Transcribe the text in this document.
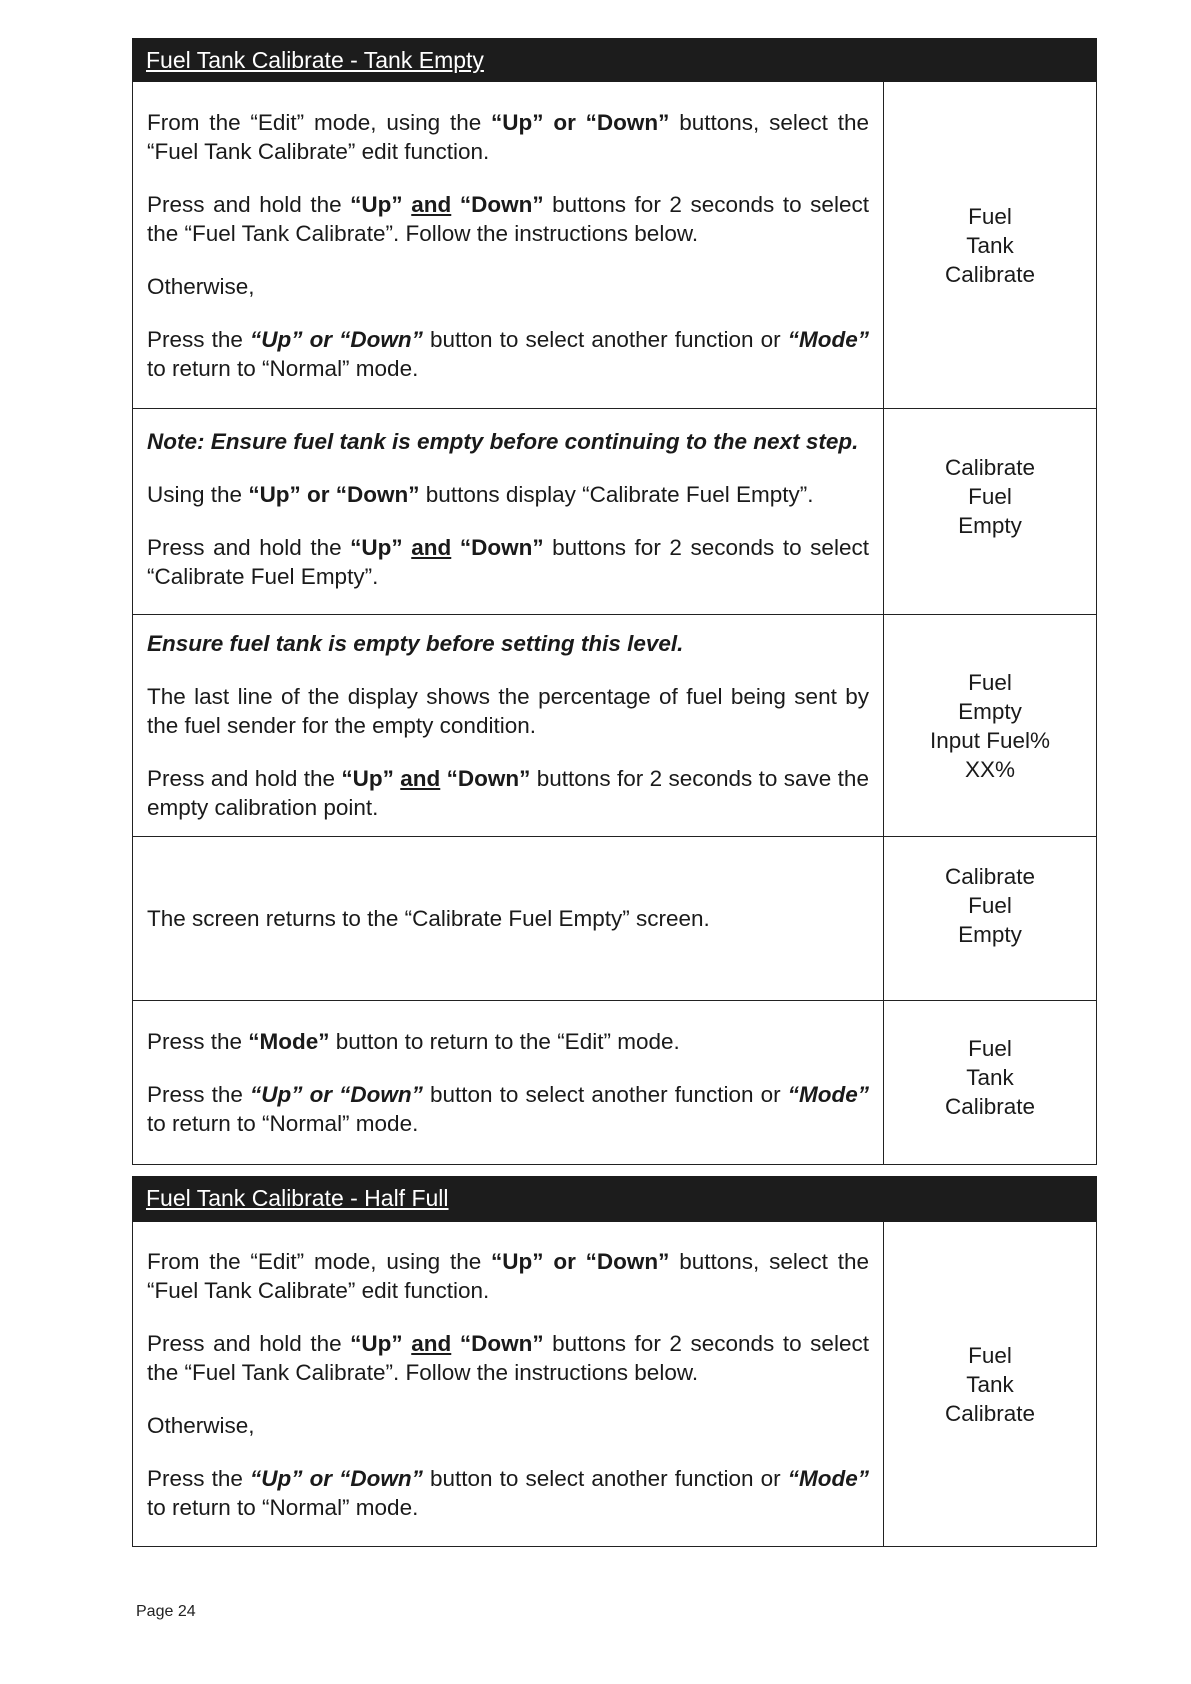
Fuel Tank Calibrate - Tank Empty

From the “Edit” mode, using the “Up” or “Down” buttons, select the “Fuel Tank Calibrate” edit function.

Press and hold the “Up” and “Down” buttons for 2 seconds to select the “Fuel Tank Calibrate”. Follow the instructions below.

Otherwise,

Press the “Up” or “Down” button to select another function or “Mode” to return to “Normal” mode.

Fuel
Tank
Calibrate

Note: Ensure fuel tank is empty before continuing to the next step.

Using the “Up” or “Down” buttons display “Calibrate Fuel Empty”.

Press and hold the “Up” and “Down” buttons for 2 seconds to select “Calibrate Fuel Empty”.

Calibrate
Fuel
Empty

Ensure fuel tank is empty before setting this level.

The last line of the display shows the percentage of fuel being sent by the fuel sender for the empty condition.

Press and hold the “Up” and “Down” buttons for 2 seconds to save the empty calibration point.

Fuel
Empty
Input Fuel%
XX%

The screen returns to the “Calibrate Fuel Empty” screen.

Calibrate
Fuel
Empty

Press the “Mode” button to return to the “Edit” mode.

Press the “Up” or “Down” button to select another function or “Mode” to return to “Normal” mode.

Fuel
Tank
Calibrate
Fuel Tank Calibrate - Half Full

From the “Edit” mode, using the “Up” or “Down” buttons, select the “Fuel Tank Calibrate” edit function.

Press and hold the “Up” and “Down” buttons for 2 seconds to select the “Fuel Tank Calibrate”. Follow the instructions below.

Otherwise,

Press the “Up” or “Down” button to select another function or “Mode” to return to “Normal” mode.

Fuel
Tank
Calibrate
Page 24
